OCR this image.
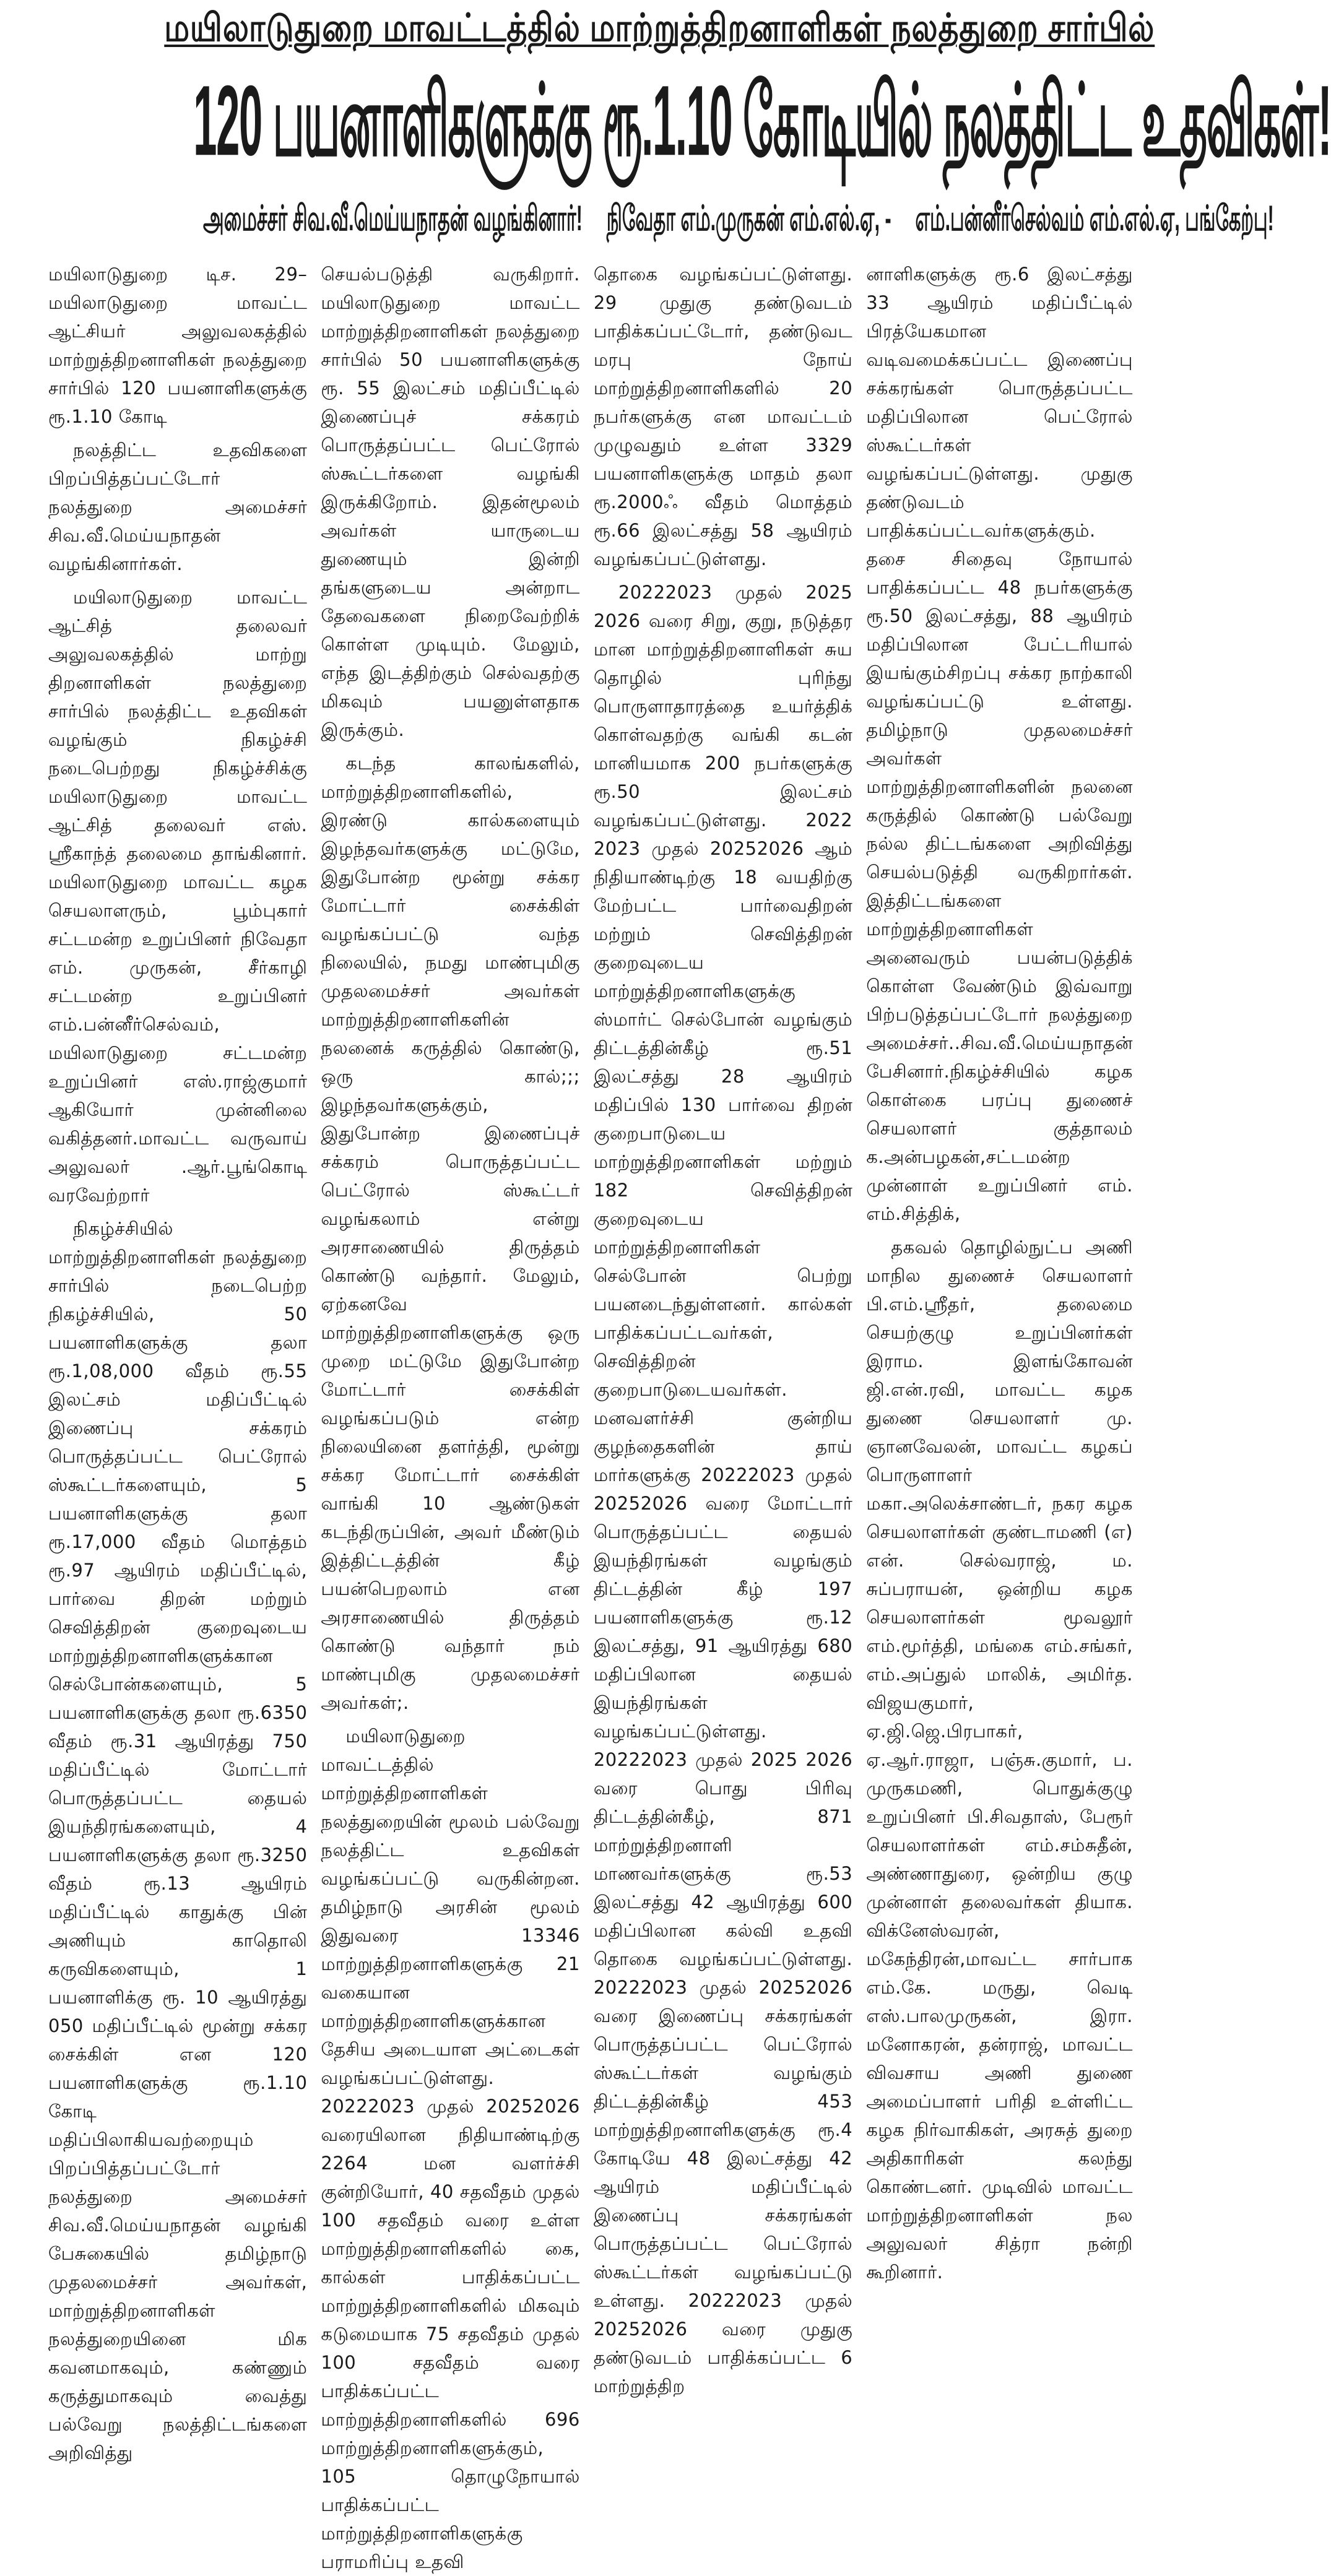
மயிலாடுதுறை மாவட்டத்தில் மாற்றுத்திறனாளிகள் நலத்துறை சார்பில்
120 பயனாளிகளுக்கு ரூ.1.10 கோடியில் நலத்திட்ட உதவிகள்!
அமைச்சர் சிவ.வீ.மெய்யநாதன் வழங்கினார்! நிவேதா எம்.முருகன் எம்.எல்.ஏ, - எம்.பன்னீர்செல்வம் எம்.எல்.ஏ, பங்கேற்பு!

மயிலாடுதுறை டிச. 29– மயிலாடுதுறை மாவட்ட ஆட்சியர் அலுவலகத்தில் மாற்றுத்திறனாளிகள் நலத்துறை சார்பில் 120 பயனாளிகளுக்கு ரூ.1.10 கோடி

நலத்திட்ட உதவிகளை பிறப்பித்தப்பட்டோர் நலத்துறை அமைச்சர் சிவ.வீ.மெய்யநாதன் வழங்கினார்கள்.

மயிலாடுதுறை மாவட்ட ஆட்சித் தலைவர் அலுவலகத்தில் மாற்று திறனாளிகள் நலத்துறை சார்பில் நலத்திட்ட உதவிகள் வழங்கும் நிகழ்ச்சி நடைபெற்றது நிகழ்ச்சிக்கு மயிலாடுதுறை மாவட்ட ஆட்சித் தலைவர் எஸ். ஸ்ரீகாந்த் தலைமை தாங்கினார். மயிலாடுதுறை மாவட்ட கழக செயலாளரும், பூம்புகார் சட்டமன்ற உறுப்பினர் நிவேதா எம். முருகன், சீர்காழி சட்டமன்ற உறுப்பினர் எம்.பன்னீர்செல்வம், மயிலாடுதுறை சட்டமன்ற உறுப்பினர் எஸ்.ராஜ்குமார் ஆகியோர் முன்னிலை வகித்தனர்.மாவட்ட வருவாய் அலுவலர் .ஆர்.பூங்கொடி வரவேற்றார்

நிகழ்ச்சியில் மாற்றுத்திறனாளிகள் நலத்துறை சார்பில் நடைபெற்ற நிகழ்ச்சியில், 50 பயனாளிகளுக்கு தலா ரூ.1,08,000 வீதம் ரூ.55 இலட்சம் மதிப்பீட்டில் இணைப்பு சக்கரம் பொருத்தப்பட்ட பெட்ரோல் ஸ்கூட்டர்களையும், 5 பயனாளிகளுக்கு தலா ரூ.17,000 வீதம் மொத்தம் ரூ.97 ஆயிரம் மதிப்பீட்டில், பார்வை திறன் மற்றும் செவித்திறன் குறைவுடைய மாற்றுத்திறனாளிகளுக்கான செல்போன்களையும், 5 பயனாளிகளுக்கு தலா ரூ.6350 வீதம் ரூ.31 ஆயிரத்து 750 மதிப்பீட்டில் மோட்டார் பொருத்தப்பட்ட தையல் இயந்திரங்களையும், 4 பயனாளிகளுக்கு தலா ரூ.3250 வீதம் ரூ.13 ஆயிரம் மதிப்பீட்டில் காதுக்கு பின் அணியும் காதொலி கருவிகளையும், 1 பயனாளிக்கு ரூ. 10 ஆயிரத்து 050 மதிப்பீட்டில் மூன்று சக்கர சைக்கிள் என 120 பயனாளிகளுக்கு ரூ.1.10 கோடி மதிப்பிலாகியவற்றையும் பிறப்பித்தப்பட்டோர் நலத்துறை அமைச்சர் சிவ.வீ.மெய்யநாதன் வழங்கி பேசுகையில் தமிழ்நாடு முதலமைச்சர் அவர்கள், மாற்றுத்திறனாளிகள் நலத்துறையினை மிக கவனமாகவும், கண்ணும் கருத்துமாகவும் வைத்து பல்வேறு நலத்திட்டங்களை அறிவித்து

செயல்படுத்தி வருகிறார். மயிலாடுதுறை மாவட்ட மாற்றுத்திறனாளிகள் நலத்துறை சார்பில் 50 பயனாளிகளுக்கு ரூ. 55 இலட்சம் மதிப்பீட்டில் இணைப்புச் சக்கரம் பொருத்தப்பட்ட பெட்ரோல் ஸ்கூட்டர்களை வழங்கி இருக்கிறோம். இதன்மூலம் அவர்கள் யாருடைய துணையும் இன்றி தங்களுடைய அன்றாட தேவைகளை நிறைவேற்றிக் கொள்ள முடியும். மேலும், எந்த இடத்திற்கும் செல்வதற்கு மிகவும் பயனுள்ளதாக இருக்கும்.

கடந்த காலங்களில், மாற்றுத்திறனாளிகளில், இரண்டு கால்களையும் இழந்தவர்களுக்கு மட்டுமே, இதுபோன்ற மூன்று சக்கர மோட்டார் சைக்கிள் வழங்கப்பட்டு வந்த நிலையில், நமது மாண்புமிகு முதலமைச்சர் அவர்கள் மாற்றுத்திறனாளிகளின் நலனைக் கருத்தில் கொண்டு, ஒரு கால்;;; இழந்தவர்களுக்கும், இதுபோன்ற இணைப்புச் சக்கரம் பொருத்தப்பட்ட பெட்ரோல் ஸ்கூட்டர் வழங்கலாம் என்று அரசாணையில் திருத்தம் கொண்டு வந்தார். மேலும், ஏற்கனவே மாற்றுத்திறனாளிகளுக்கு ஒரு முறை மட்டுமே இதுபோன்ற மோட்டார் சைக்கிள் வழங்கப்படும் என்ற நிலையினை தளர்த்தி, மூன்று சக்கர மோட்டார் சைக்கிள் வாங்கி 10 ஆண்டுகள் கடந்திருப்பின், அவர் மீண்டும் இத்திட்டத்தின் கீழ் பயன்பெறலாம் என அரசாணையில் திருத்தம் கொண்டு வந்தார் நம் மாண்புமிகு முதலமைச்சர் அவர்கள்;.

மயிலாடுதுறை மாவட்டத்தில் மாற்றுத்திறனாளிகள் நலத்துறையின் மூலம் பல்வேறு நலத்திட்ட உதவிகள் வழங்கப்பட்டு வருகின்றன. தமிழ்நாடு அரசின் மூலம் இதுவரை 13346 மாற்றுத்திறனாளிகளுக்கு 21 வகையான மாற்றுத்திறனாளிகளுக்கான தேசிய அடையாள அட்டைகள் வழங்கப்பட்டுள்ளது. 20222023 முதல் 20252026 வரையிலான நிதியாண்டிற்கு 2264 மன வளர்ச்சி குன்றியோர், 40 சதவீதம் முதல் 100 சதவீதம் வரை உள்ள மாற்றுத்திறனாளிகளில் கை, கால்கள் பாதிக்கப்பட்ட மாற்றுத்திறனாளிகளில் மிகவும் கடுமையாக 75 சதவீதம் முதல் 100 சதவீதம் வரை பாதிக்கப்பட்ட மாற்றுத்திறனாளிகளில் 696 மாற்றுத்திறனாளிகளுக்கும், 105 தொழுநோயால் பாதிக்கப்பட்ட மாற்றுத்திறனாளிகளுக்கு பராமரிப்பு உதவி

தொகை வழங்கப்பட்டுள்ளது. 29 முதுகு தண்டுவடம் பாதிக்கப்பட்டோர், தண்டுவட மரபு நோய் மாற்றுத்திறனாளிகளில் 20 நபர்களுக்கு என மாவட்டம் முழுவதும் உள்ள 3329 பயனாளிகளுக்கு மாதம் தலா ரூ.2000ஃ வீதம் மொத்தம் ரூ.66 இலட்சத்து 58 ஆயிரம் வழங்கப்பட்டுள்ளது.

20222023 முதல் 2025 2026 வரை சிறு, குறு, நடுத்தர மான மாற்றுத்திறனாளிகள் சுய தொழில் புரிந்து பொருளாதாரத்தை உயர்த்திக் கொள்வதற்கு வங்கி கடன் மானியமாக 200 நபர்களுக்கு ரூ.50 இலட்சம் வழங்கப்பட்டுள்ளது. 2022 2023 முதல் 20252026 ஆம் நிதியாண்டிற்கு 18 வயதிற்கு மேற்பட்ட பார்வைதிறன் மற்றும் செவித்திறன் குறைவுடைய மாற்றுத்திறனாளிகளுக்கு ஸ்மார்ட் செல்போன் வழங்கும் திட்டத்தின்கீழ் ரூ.51 இலட்சத்து 28 ஆயிரம் மதிப்பில் 130 பார்வை திறன் குறைபாடுடைய மாற்றுத்திறனாளிகள் மற்றும் 182 செவித்திறன் குறைவுடைய மாற்றுத்திறனாளிகள் செல்போன் பெற்று பயனடைந்துள்ளனர். கால்கள் பாதிக்கப்பட்டவர்கள், செவித்திறன் குறைபாடுடையவர்கள். மனவளர்ச்சி குன்றிய குழந்தைகளின் தாய் மார்களுக்கு 20222023 முதல் 20252026 வரை மோட்டார் பொருத்தப்பட்ட தையல் இயந்திரங்கள் வழங்கும் திட்டத்தின் கீழ் 197 பயனாளிகளுக்கு ரூ.12 இலட்சத்து, 91 ஆயிரத்து 680 மதிப்பிலான தையல் இயந்திரங்கள் வழங்கப்பட்டுள்ளது. 20222023 முதல் 2025 2026 வரை பொது பிரிவு திட்டத்தின்கீழ், 871 மாற்றுத்திறனாளி மாணவர்களுக்கு ரூ.53 இலட்சத்து 42 ஆயிரத்து 600 மதிப்பிலான கல்வி உதவி தொகை வழங்கப்பட்டுள்ளது. 20222023 முதல் 20252026 வரை இணைப்பு சக்கரங்கள் பொருத்தப்பட்ட பெட்ரோல் ஸ்கூட்டர்கள் வழங்கும் திட்டத்தின்கீழ் 453 மாற்றுத்திறனாளிகளுக்கு ரூ.4 கோடியே 48 இலட்சத்து 42 ஆயிரம் மதிப்பீட்டில் இணைப்பு சக்கரங்கள் பொருத்தப்பட்ட பெட்ரோல் ஸ்கூட்டர்கள் வழங்கப்பட்டு உள்ளது. 20222023 முதல் 20252026 வரை முதுகு தண்டுவடம் பாதிக்கப்பட்ட 6 மாற்றுத்திற

னாளிகளுக்கு ரூ.6 இலட்சத்து 33 ஆயிரம் மதிப்பீட்டில் பிரத்யேகமான வடிவமைக்கப்பட்ட இணைப்பு சக்கரங்கள் பொருத்தப்பட்ட மதிப்பிலான பெட்ரோல் ஸ்கூட்டர்கள் வழங்கப்பட்டுள்ளது. முதுகு தண்டுவடம் பாதிக்கப்பட்டவர்களுக்கும். தசை சிதைவு நோயால் பாதிக்கப்பட்ட 48 நபர்களுக்கு ரூ.50 இலட்சத்து, 88 ஆயிரம் மதிப்பிலான பேட்டரியால் இயங்கும்சிறப்பு சக்கர நாற்காலி வழங்கப்பட்டு உள்ளது. தமிழ்நாடு முதலமைச்சர் அவர்கள் மாற்றுத்திறனாளிகளின் நலனை கருத்தில் கொண்டு பல்வேறு நல்ல திட்டங்களை அறிவித்து செயல்படுத்தி வருகிறார்கள். இத்திட்டங்களை மாற்றுத்திறனாளிகள் அனைவரும் பயன்படுத்திக் கொள்ள வேண்டும் இவ்வாறு பிற்படுத்தப்பட்டோர் நலத்துறை அமைச்சர்..சிவ.வீ.மெய்யநாதன் பேசினார்.நிகழ்ச்சியில் கழக கொள்கை பரப்பு துணைச் செயலாளர் குத்தாலம் க.அன்பழகன்,சட்டமன்ற முன்னாள் உறுப்பினர் எம். எம்.சித்திக்,

தகவல் தொழில்நுட்ப அணி மாநில துணைச் செயலாளர் பி.எம்.ஸ்ரீதர், தலைமை செயற்குழு உறுப்பினர்கள் இராம. இளங்கோவன் ஜி.என்.ரவி, மாவட்ட கழக துணை செயலாளர் மு. ஞானவேலன், மாவட்ட கழகப் பொருளாளர் மகா.அலெக்சாண்டர், நகர கழக செயலாளர்கள் குண்டாமணி (எ) என். செல்வராஜ், ம. சுப்பராயன், ஒன்றிய கழக செயலாளர்கள் மூவலூர் எம்.மூர்த்தி, மங்கை எம்.சங்கர், எம்.அப்துல் மாலிக், அமிர்த. விஜயகுமார், ஏ.ஜி.ஜெ.பிரபாகர், ஏ.ஆர்.ராஜா, பஞ்சு.குமார், ப. முருகமணி, பொதுக்குழு உறுப்பினர் பி.சிவதாஸ், பேரூர் செயலாளர்கள் எம்.சம்சுதீன், அண்ணாதுரை, ஒன்றிய குழு முன்னாள் தலைவர்கள் தியாக. விக்னேஸ்வரன், மகேந்திரன்,மாவட்ட சார்பாக எம்.கே. மருது, வெடி எஸ்.பாலமுருகன், இரா. மனோகரன், தன்ராஜ், மாவட்ட விவசாய அணி துணை அமைப்பாளர் பரிதி உள்ளிட்ட கழக நிர்வாகிகள், அரசுத் துறை அதிகாரிகள் கலந்து கொண்டனர். முடிவில் மாவட்ட மாற்றுத்திறனாளிகள் நல அலுவலர் சித்ரா நன்றி கூறினார்.
